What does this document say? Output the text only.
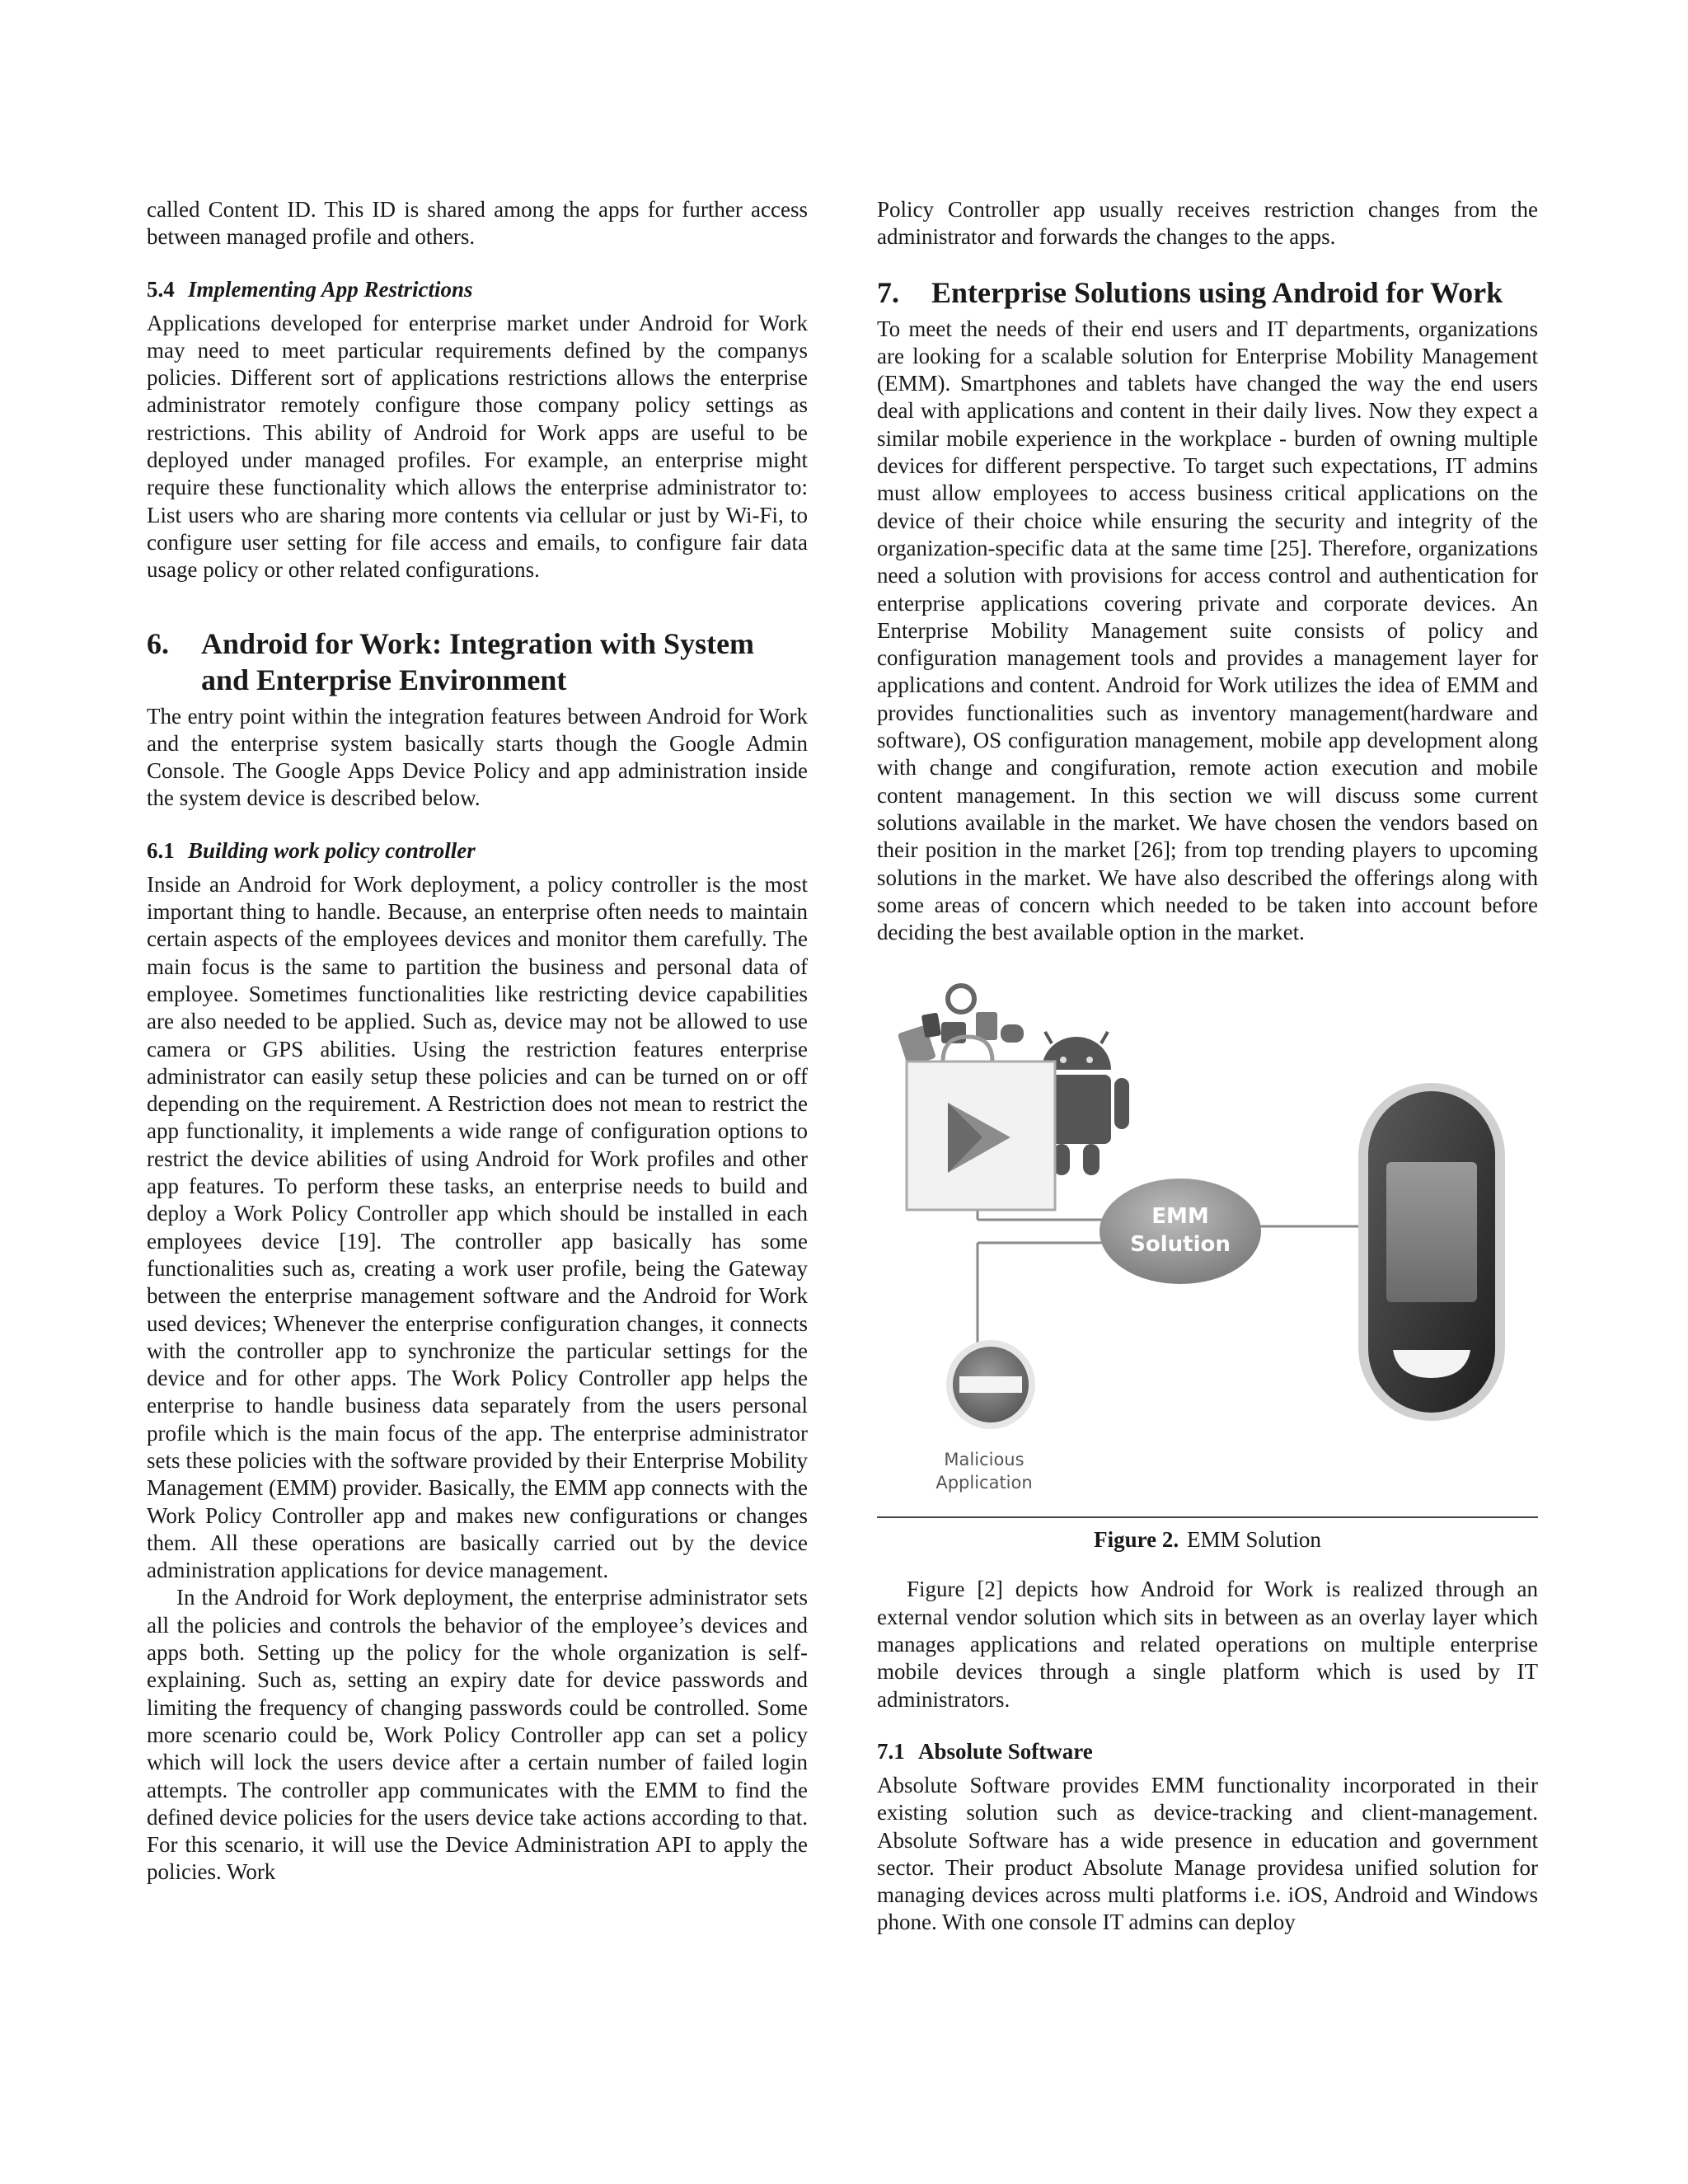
called Content ID. This ID is shared among the apps for further access between managed profile and others.

5.4 Implementing App Restrictions

Applications developed for enterprise market under Android for Work may need to meet particular requirements defined by the companys policies. Different sort of applications restrictions allows the enterprise administrator remotely configure those company policy settings as restrictions. This ability of Android for Work apps are useful to be deployed under managed profiles. For example, an enterprise might require these functionality which allows the enterprise administrator to: List users who are sharing more contents via cellular or just by Wi-Fi, to configure user setting for file access and emails, to configure fair data usage policy or other related configurations.

6. Android for Work: Integration with System
and Enterprise Environment

The entry point within the integration features between Android for Work and the enterprise system basically starts though the Google Admin Console. The Google Apps Device Policy and app administration inside the system device is described below.

6.1 Building work policy controller

Inside an Android for Work deployment, a policy controller is the most important thing to handle. Because, an enterprise often needs to maintain certain aspects of the employees devices and monitor them carefully. The main focus is the same to partition the business and personal data of employee. Sometimes functionalities like restricting device capabilities are also needed to be applied. Such as, device may not be allowed to use camera or GPS abilities. Using the restriction features enterprise administrator can easily setup these policies and can be turned on or off depending on the requirement. A Restriction does not mean to restrict the app functionality, it implements a wide range of configuration options to restrict the device abilities of using Android for Work profiles and other app features. To perform these tasks, an enterprise needs to build and deploy a Work Policy Controller app which should be installed in each employees device [19]. The controller app basically has some functionalities such as, creating a work user profile, being the Gateway between the enterprise management software and the Android for Work used devices; Whenever the enterprise configuration changes, it connects with the controller app to synchronize the particular settings for the device and for other apps. The Work Policy Controller app helps the enterprise to handle business data separately from the users personal profile which is the main focus of the app. The enterprise administrator sets these policies with the software provided by their Enterprise Mobility Management (EMM) provider. Basically, the EMM app connects with the Work Policy Controller app and makes new configurations or changes them. All these operations are basically carried out by the device administration applications for device management.

In the Android for Work deployment, the enterprise administrator sets all the policies and controls the behavior of the employee’s devices and apps both. Setting up the policy for the whole organization is self-explaining. Such as, setting an expiry date for device passwords and limiting the frequency of changing passwords could be controlled. Some more scenario could be, Work Policy Controller app can set a policy which will lock the users device after a certain number of failed login attempts. The controller app communicates with the EMM to find the defined device policies for the users device take actions according to that. For this scenario, it will use the Device Administration API to apply the policies. Work

Policy Controller app usually receives restriction changes from the administrator and forwards the changes to the apps.

7. Enterprise Solutions using Android for Work

To meet the needs of their end users and IT departments, organizations are looking for a scalable solution for Enterprise Mobility Management (EMM). Smartphones and tablets have changed the way the end users deal with applications and content in their daily lives. Now they expect a similar mobile experience in the workplace - burden of owning multiple devices for different perspective. To target such expectations, IT admins must allow employees to access business critical applications on the device of their choice while ensuring the security and integrity of the organization-specific data at the same time [25]. Therefore, organizations need a solution with provisions for access control and authentication for enterprise applications covering private and corporate devices. An Enterprise Mobility Management suite consists of policy and configuration management tools and provides a management layer for applications and content. Android for Work utilizes the idea of EMM and provides functionalities such as inventory management(hardware and software), OS configuration management, mobile app development along with change and congifuration, remote action execution and mobile content management. In this section we will discuss some current solutions available in the market. We have chosen the vendors based on their position in the market [26]; from top trending players to upcoming solutions in the market. We have also described the offerings along with some areas of concern which needed to be taken into account before deciding the best available option in the market.

EMM
Solution
Malicious
Application
Figure 2. EMM Solution

Figure [2] depicts how Android for Work is realized through an external vendor solution which sits in between as an overlay layer which manages applications and related operations on multiple enterprise mobile devices through a single platform which is used by IT administrators.

7.1 Absolute Software

Absolute Software provides EMM functionality incorporated in their existing solution such as device-tracking and client-management. Absolute Software has a wide presence in education and government sector. Their product Absolute Manage providesa unified solution for managing devices across multi platforms i.e. iOS, Android and Windows phone. With one console IT admins can deploy
